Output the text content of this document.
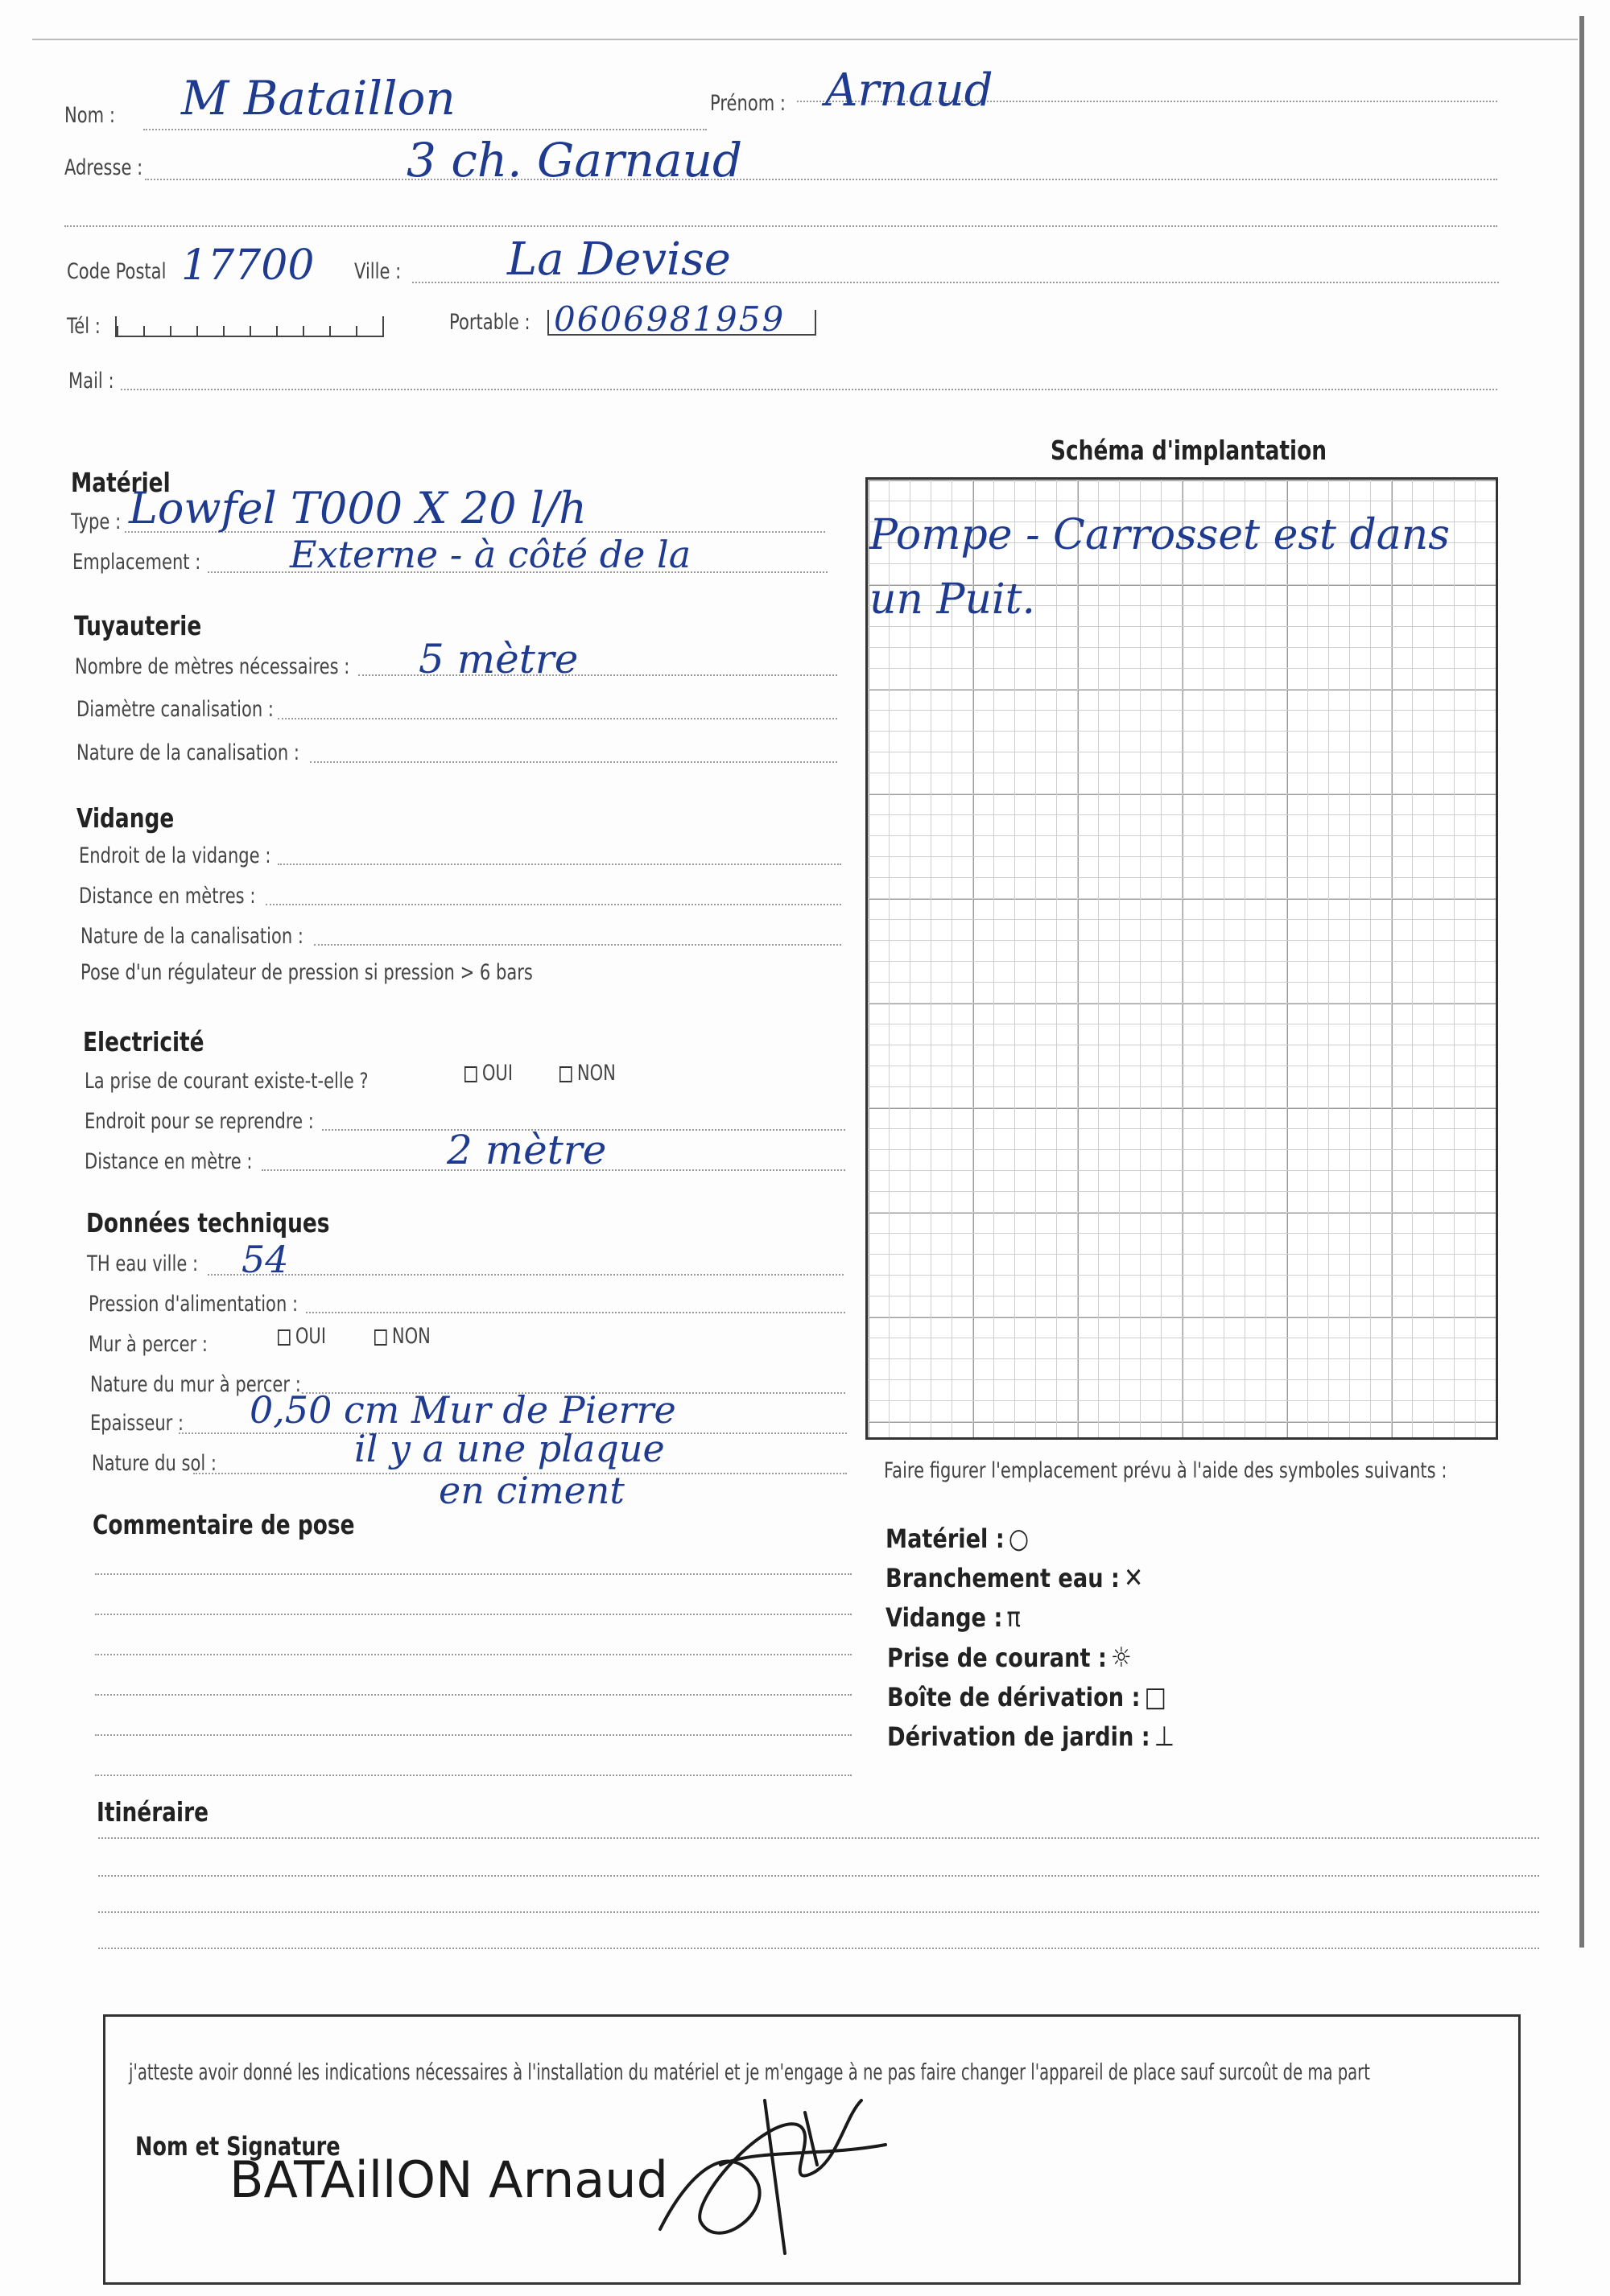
Nom : M Bataillon	Prénom : Arnaud
Adresse :	3 ch. Garnaud
Code Postal 17700 Ville : La Devise
Tél :	Portable : 0606981959
Mail :
Matériel
Type : Lowfel T000 X 20 l/h
Emplacement : Externe - à côté de la
Tuyauterie
Nombre de mètres nécessaires : 5 mètre
Diamètre canalisation :
Nature de la canalisation :
Vidange
Endroit de la vidange :
Distance en mètres :
Nature de la canalisation :
Pose d'un régulateur de pression si pression > 6 bars
Electricité
La prise de courant existe-t-elle ?	OUI	NON
Endroit pour se reprendre :
Distance en mètre :	2 mètre
Données techniques
TH eau ville : 54
Pression d'alimentation :
Mur à percer :	OUI	NON
Nature du mur à percer :
Epaisseur : 0,50 cm Mur de Pierre
Nature du sol :	il y a une plaque
en ciment
Commentaire de pose
Itinéraire
Schéma d'implantation
Pompe - Carrosset est dans
un Puit.
Faire figurer l'emplacement prévu à l'aide des symboles suivants :
Matériel : ○
Branchement eau : ✕
Vidange : π
Prise de courant : ☼
Boîte de dérivation : □
Dérivation de jardin : ⊥
j'atteste avoir donné les indications nécessaires à l'installation du matériel et je m'engage à ne pas faire changer l'appareil de place sauf surcoût de ma part
Nom et Signature
BATAillON Arnaud
